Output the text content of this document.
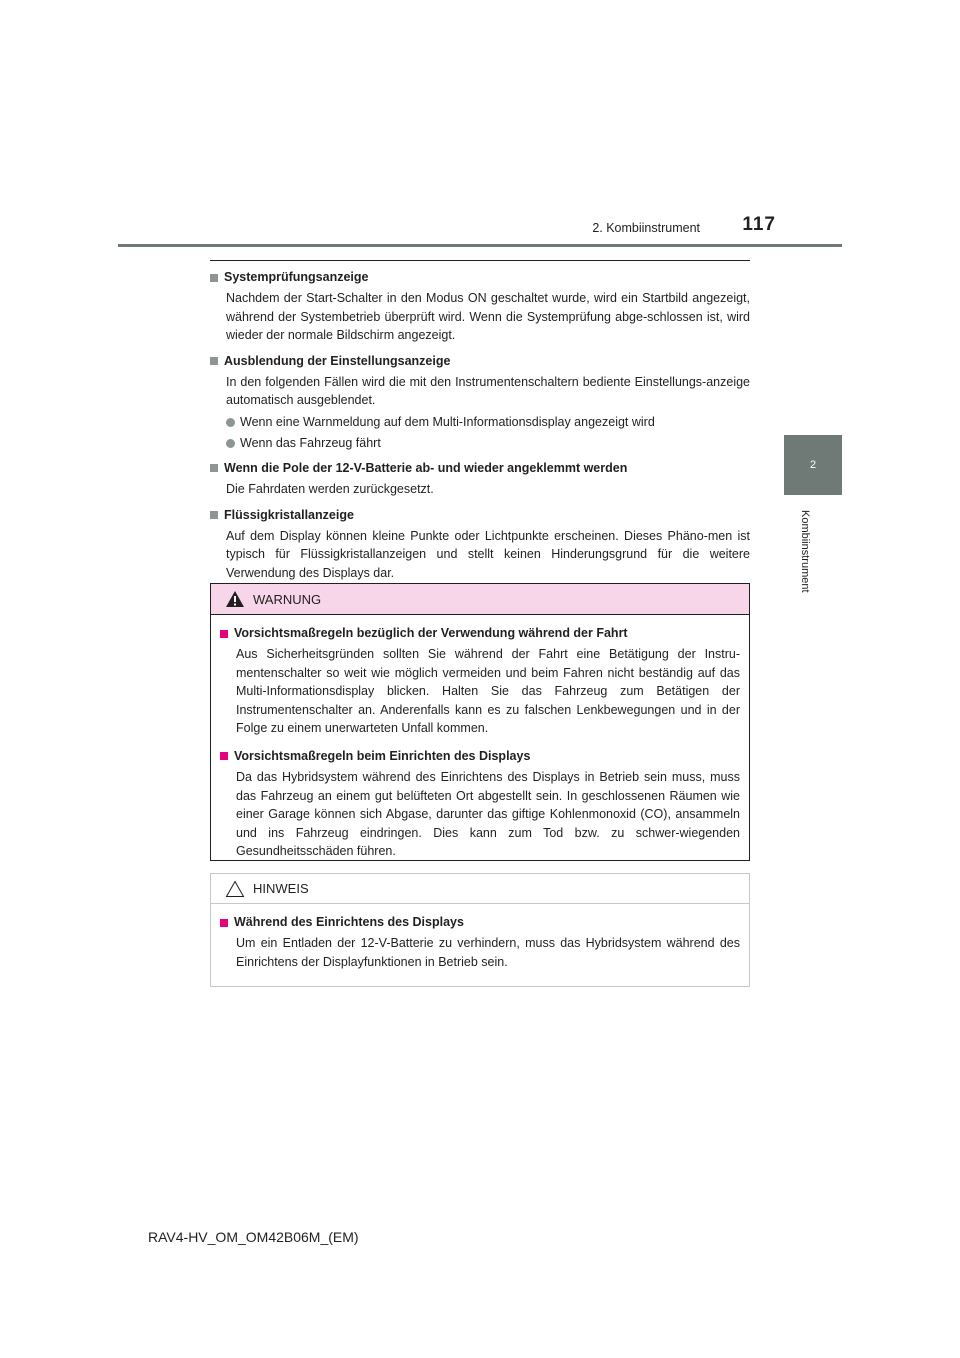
117
2. Kombiinstrument
2
Kombiinstrument
Systemprüfungsanzeige
Nachdem der Start-Schalter in den Modus ON geschaltet wurde, wird ein Startbild angezeigt, während der Systembetrieb überprüft wird. Wenn die Systemprüfung abge-schlossen ist, wird wieder der normale Bildschirm angezeigt.
Ausblendung der Einstellungsanzeige
In den folgenden Fällen wird die mit den Instrumentenschaltern bediente Einstellungs-anzeige automatisch ausgeblendet.
Wenn eine Warnmeldung auf dem Multi-Informationsdisplay angezeigt wird
Wenn das Fahrzeug fährt
Wenn die Pole der 12-V-Batterie ab- und wieder angeklemmt werden
Die Fahrdaten werden zurückgesetzt.
Flüssigkristallanzeige
Auf dem Display können kleine Punkte oder Lichtpunkte erscheinen. Dieses Phäno-men ist typisch für Flüssigkristallanzeigen und stellt keinen Hinderungsgrund für die weitere Verwendung des Displays dar.
WARNUNG
Vorsichtsmaßregeln bezüglich der Verwendung während der Fahrt
Aus Sicherheitsgründen sollten Sie während der Fahrt eine Betätigung der Instru-mentenschalter so weit wie möglich vermeiden und beim Fahren nicht beständig auf das Multi-Informationsdisplay blicken. Halten Sie das Fahrzeug zum Betätigen der Instrumentenschalter an. Anderenfalls kann es zu falschen Lenkbewegungen und in der Folge zu einem unerwarteten Unfall kommen.
Vorsichtsmaßregeln beim Einrichten des Displays
Da das Hybridsystem während des Einrichtens des Displays in Betrieb sein muss, muss das Fahrzeug an einem gut belüfteten Ort abgestellt sein. In geschlossenen Räumen wie einer Garage können sich Abgase, darunter das giftige Kohlenmonoxid (CO), ansammeln und ins Fahrzeug eindringen. Dies kann zum Tod bzw. zu schwer-wiegenden Gesundheitsschäden führen.
HINWEIS
Während des Einrichtens des Displays
Um ein Entladen der 12-V-Batterie zu verhindern, muss das Hybridsystem während des Einrichtens der Displayfunktionen in Betrieb sein.
RAV4-HV_OM_OM42B06M_(EM)
